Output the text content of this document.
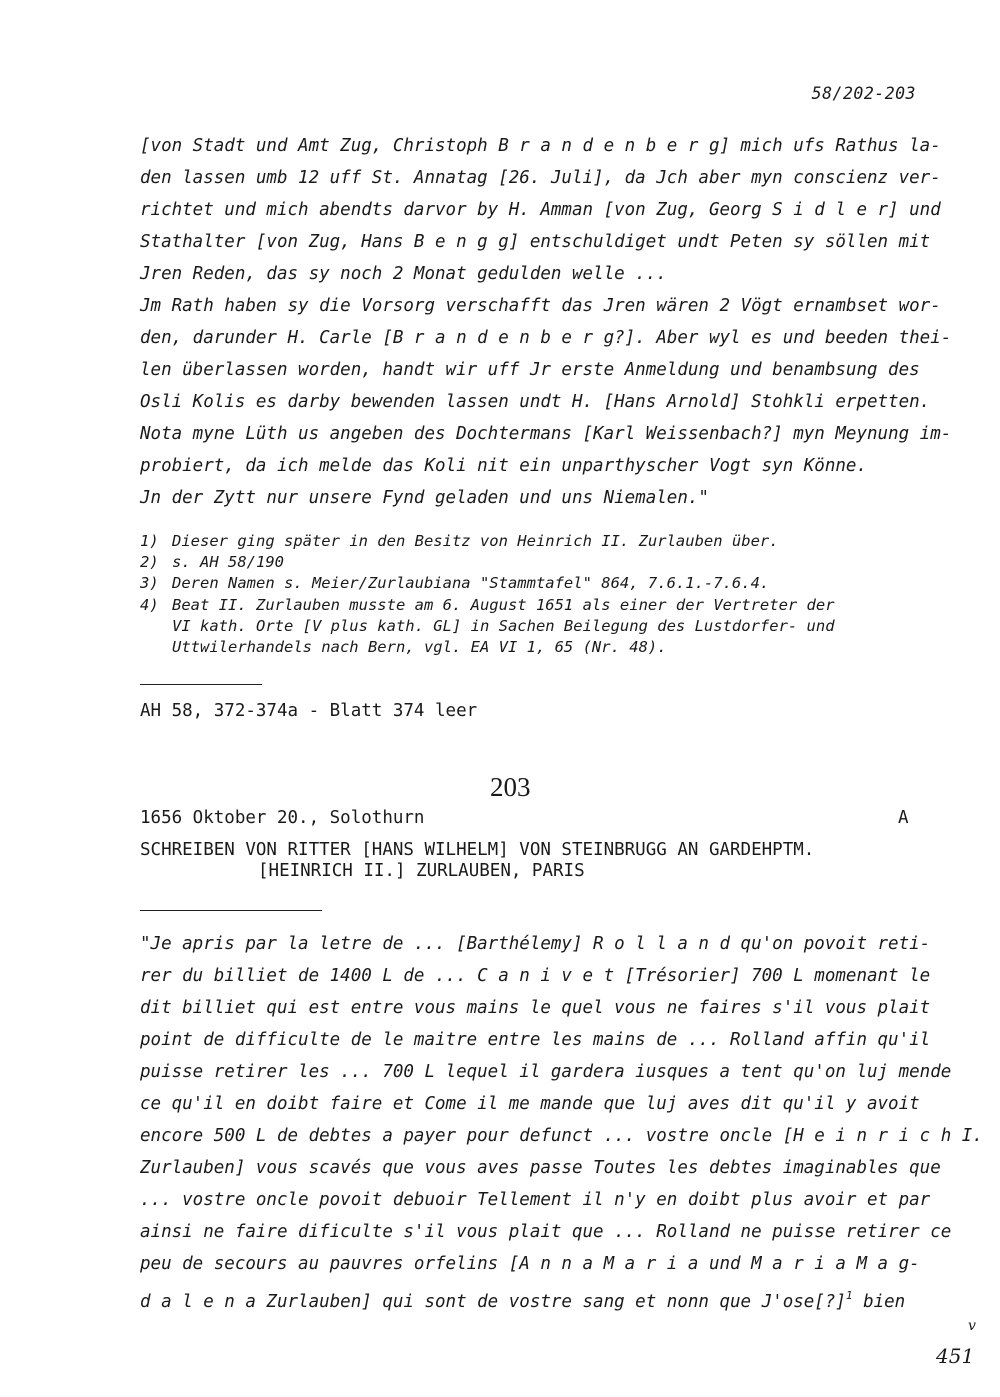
58/202-203
[von Stadt und Amt Zug, Christoph B r a n d e n b e r g] mich ufs Rathus la-
den lassen umb 12 uff St. Annatag [26. Juli], da Jch aber myn conscienz ver-
richtet und mich abendts darvor by H. Amman [von Zug, Georg S i d l e r] und
Stathalter [von Zug, Hans B e n g g] entschuldiget undt Peten sy söllen mit
Jren Reden, das sy noch 2 Monat gedulden welle ...
Jm Rath haben sy die Vorsorg verschafft das Jren wären 2 Vögt ernambset wor-
den, darunder H. Carle [B r a n d e n b e r g?]. Aber wyl es und beeden thei-
len überlassen worden, handt wir uff Jr erste Anmeldung und benambsung des
Osli Kolis es darby bewenden lassen undt H. [Hans Arnold] Stohkli erpetten.
Nota myne Lüth us angeben des Dochtermans [Karl Weissenbach?] myn Meynung im-
probiert, da ich melde das Koli nit ein unparthyscher Vogt syn Könne.
Jn der Zytt nur unsere Fynd geladen und uns Niemalen."
1) Dieser ging später in den Besitz von Heinrich II. Zurlauben über.
2) s. AH 58/190
3) Deren Namen s. Meier/Zurlaubiana "Stammtafel" 864, 7.6.1.-7.6.4.
4) Beat II. Zurlauben musste am 6. August 1651 als einer der Vertreter der
VI kath. Orte [V plus kath. GL] in Sachen Beilegung des Lustdorfer- und
Uttwilerhandels nach Bern, vgl. EA VI 1, 65 (Nr. 48).
AH 58, 372-374a - Blatt 374 leer
203
1656 Oktober 20., Solothurn	A
SCHREIBEN VON RITTER [HANS WILHELM] VON STEINBRUGG AN GARDEHPTM.
[HEINRICH II.] ZURLAUBEN, PARIS
"Je apris par la letre de ... [Barthélemy] R o l l a n d qu'on povoit reti-
rer du billiet de 1400 L de ... C a n i v e t [Trésorier] 700 L momenant le
dit billiet qui est entre vous mains le quel vous ne faires s'il vous plait
point de difficulte de le maitre entre les mains de ... Rolland affin qu'il
puisse retirer les ... 700 L lequel il gardera iusques a tent qu'on luj mende
ce qu'il en doibt faire et Come il me mande que luj aves dit qu'il y avoit
encore 500 L de debtes a payer pour defunct ... vostre oncle [H e i n r i c h I.
Zurlauben] vous scavés que vous aves passe Toutes les debtes imaginables que
... vostre oncle povoit debuoir Tellement il n'y en doibt plus avoir et par
ainsi ne faire dificulte s'il vous plait que ... Rolland ne puisse retirer ce
peu de secours au pauvres orfelins [A n n a M a r i a und M a r i a M a g-
d a l e n a Zurlauben] qui sont de vostre sang et nonn que J'ose[?]$^1$ bien
v
451
